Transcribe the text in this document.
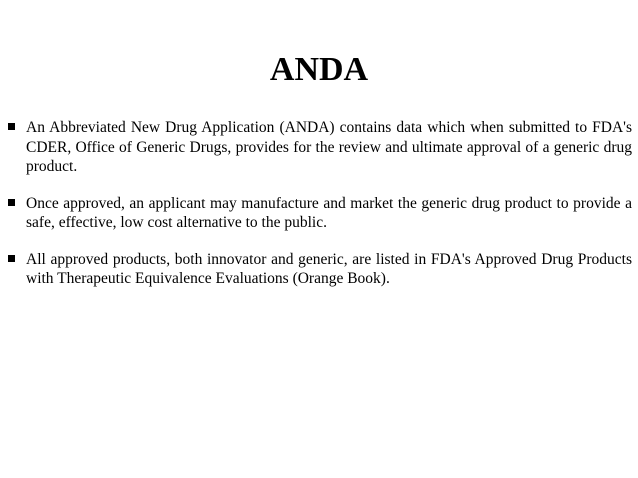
ANDA
An Abbreviated New Drug Application (ANDA) contains data which when submitted to FDA's CDER, Office of Generic Drugs, provides for the review and ultimate approval of a generic drug product.
Once approved, an applicant may manufacture and market the generic drug product to provide a safe, effective, low cost alternative to the public.
All approved products, both innovator and generic, are listed in FDA's Approved Drug Products with Therapeutic Equivalence Evaluations (Orange Book).
